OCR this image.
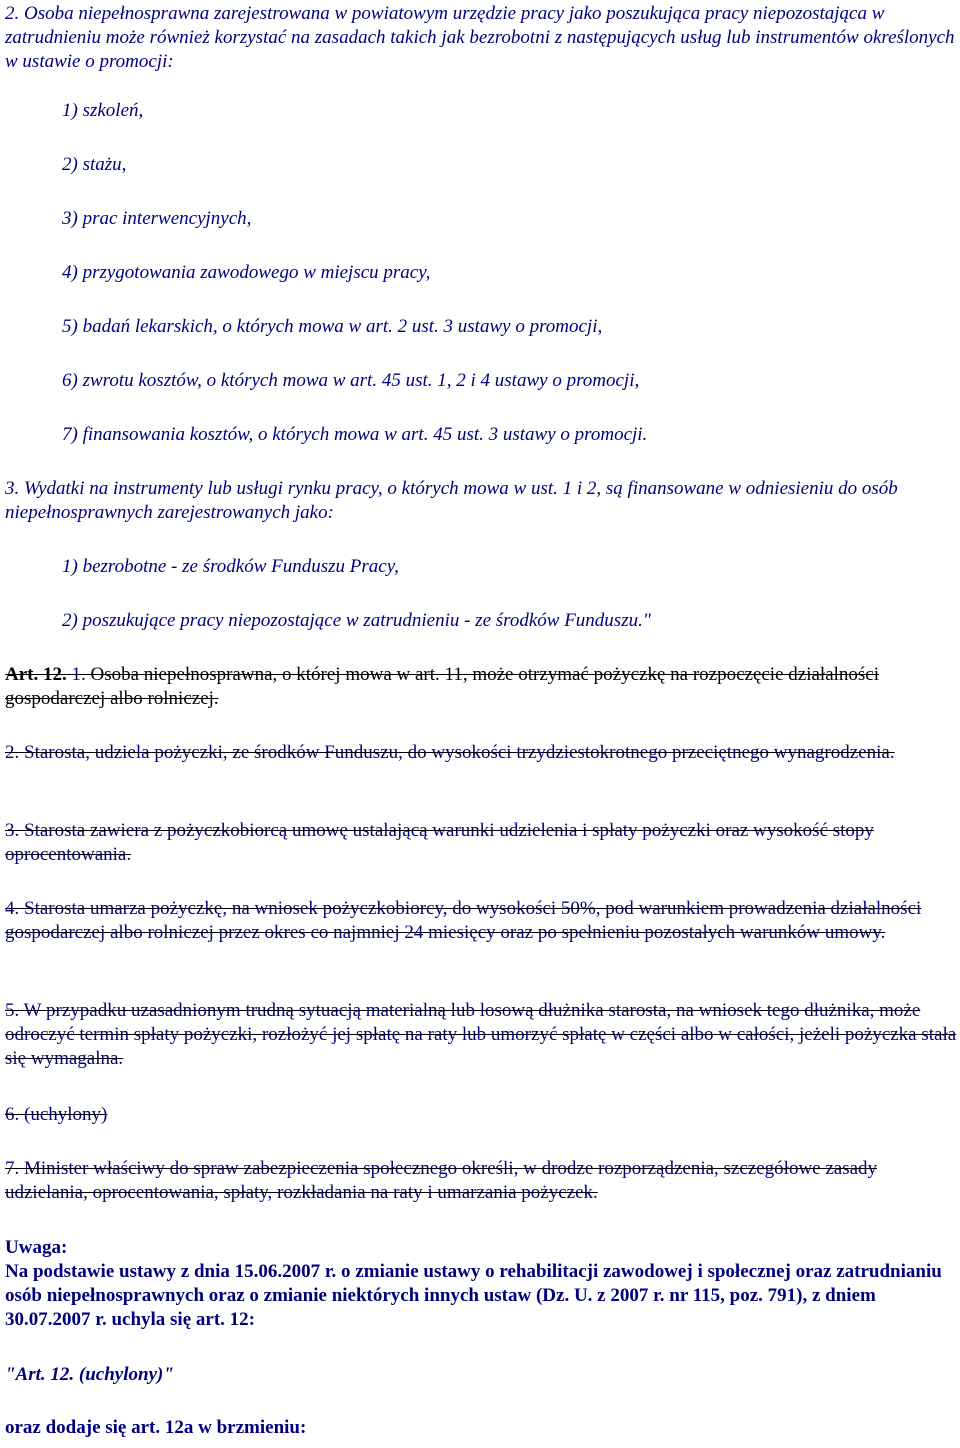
2. Osoba niepełnosprawna zarejestrowana w powiatowym urzędzie pracy jako poszukująca pracy niepozostająca w zatrudnieniu może również korzystać na zasadach takich jak bezrobotni z następujących usług lub instrumentów określonych w ustawie o promocji:

1) szkoleń,

2) stażu,

3) prac interwencyjnych,

4) przygotowania zawodowego w miejscu pracy,

5) badań lekarskich, o których mowa w art. 2 ust. 3 ustawy o promocji,

6) zwrotu kosztów, o których mowa w art. 45 ust. 1, 2 i 4 ustawy o promocji,

7) finansowania kosztów, o których mowa w art. 45 ust. 3 ustawy o promocji.

3. Wydatki na instrumenty lub usługi rynku pracy, o których mowa w ust. 1 i 2, są finansowane w odniesieniu do osób niepełnosprawnych zarejestrowanych jako:

1) bezrobotne - ze środków Funduszu Pracy,

2) poszukujące pracy niepozostające w zatrudnieniu - ze środków Funduszu."

Art. 12. 1. Osoba niepełnosprawna, o której mowa w art. 11, może otrzymać pożyczkę na rozpoczęcie działalności gospodarczej albo rolniczej.

2. Starosta, udziela pożyczki, ze środków Funduszu, do wysokości trzydziestokrotnego przeciętnego wynagrodzenia.

3. Starosta zawiera z pożyczkobiorcą umowę ustalającą warunki udzielenia i spłaty pożyczki oraz wysokość stopy oprocentowania.

4. Starosta umarza pożyczkę, na wniosek pożyczkobiorcy, do wysokości 50%, pod warunkiem prowadzenia działalności gospodarczej albo rolniczej przez okres co najmniej 24 miesięcy oraz po spełnieniu pozostałych warunków umowy.

5. W przypadku uzasadnionym trudną sytuacją materialną lub losową dłużnika starosta, na wniosek tego dłużnika, może odroczyć termin spłaty pożyczki, rozłożyć jej spłatę na raty lub umorzyć spłatę w części albo w całości, jeżeli pożyczka stała się wymagalna.

6. (uchylony)

7. Minister właściwy do spraw zabezpieczenia społecznego określi, w drodze rozporządzenia, szczegółowe zasady udzielania, oprocentowania, spłaty, rozkładania na raty i umarzania pożyczek.

Uwaga:

Na podstawie ustawy z dnia 15.06.2007 r. o zmianie ustawy o rehabilitacji zawodowej i społecznej oraz zatrudnianiu osób niepełnosprawnych oraz o zmianie niektórych innych ustaw (Dz. U. z 2007 r. nr 115, poz. 791), z dniem 30.07.2007 r. uchyla się art. 12:

"Art. 12. (uchylony)"

oraz dodaje się art. 12a w brzmieniu:
